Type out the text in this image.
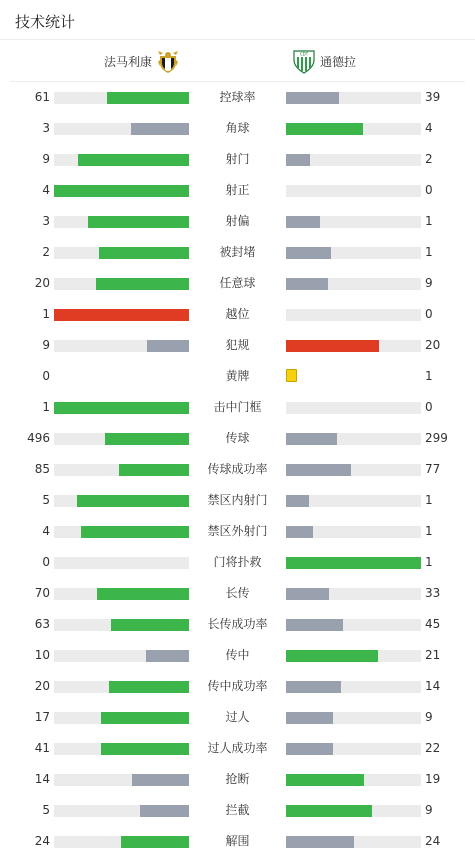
技术统计
法马利康
CDT
通德拉
61	控球率	39
3	角球	4
9	射门	2
4	射正	0
3	射偏	1
2	被封堵	1
20	任意球	9
1	越位	0
9	犯规	20
0	黄牌	1
1	击中门框	0
496	传球	299
85	传球成功率	77
5	禁区内射门	1
4	禁区外射门	1
0	门将扑救	1
70	长传	33
63	长传成功率	45
10	传中	21
20	传中成功率	14
17	过人	9
41	过人成功率	22
14	抢断	19
5	拦截	9
24	解围	24
